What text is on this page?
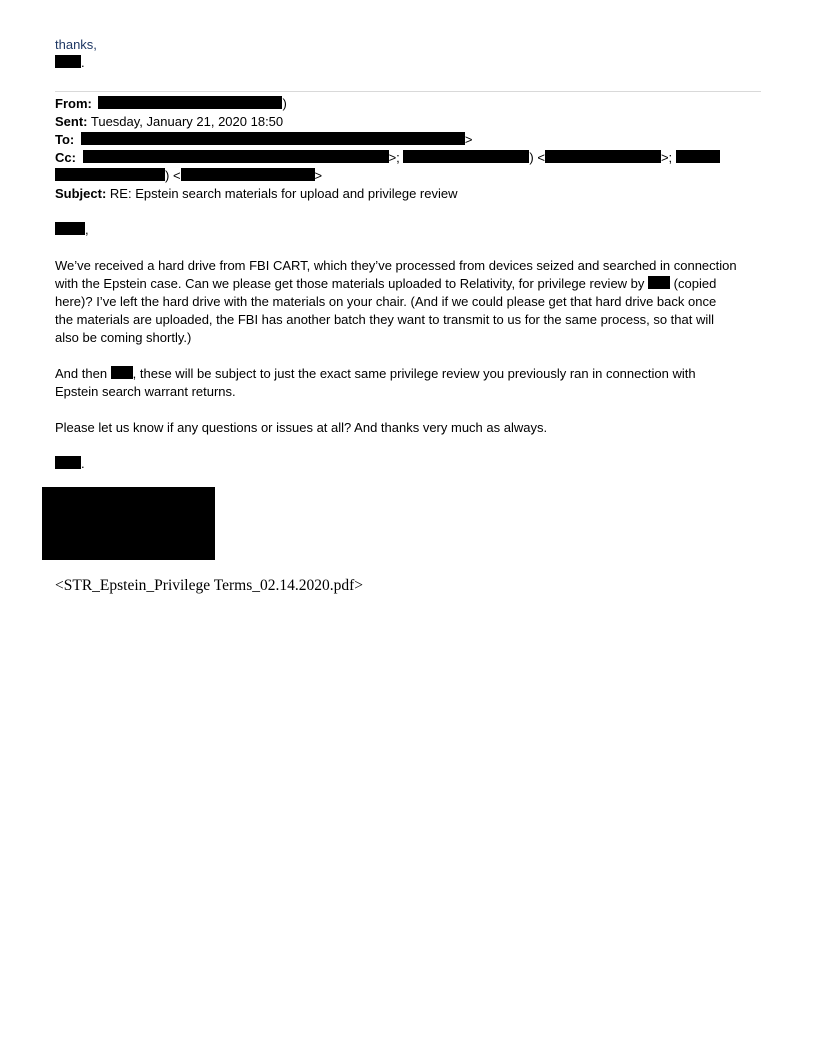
thanks,
.
From:	)
Sent: Tuesday, January 21, 2020 18:50
To:	>
Cc:	>;	) <	>;
) <	>
Subject: RE: Epstein search materials for upload and privilege review
,
We’ve received a hard drive from FBI CART, which they’ve processed from devices seized and searched in connection
with the Epstein case. Can we please get those materials uploaded to Relativity, for privilege review by (copied
here)? I’ve left the hard drive with the materials on your chair. (And if we could please get that hard drive back once
the materials are uploaded, the FBI has another batch they want to transmit to us for the same process, so that will
also be coming shortly.)
And then , these will be subject to just the exact same privilege review you previously ran in connection with
Epstein search warrant returns.
Please let us know if any questions or issues at all? And thanks very much as always.
.
<STR_Epstein_Privilege Terms_02.14.2020.pdf>
